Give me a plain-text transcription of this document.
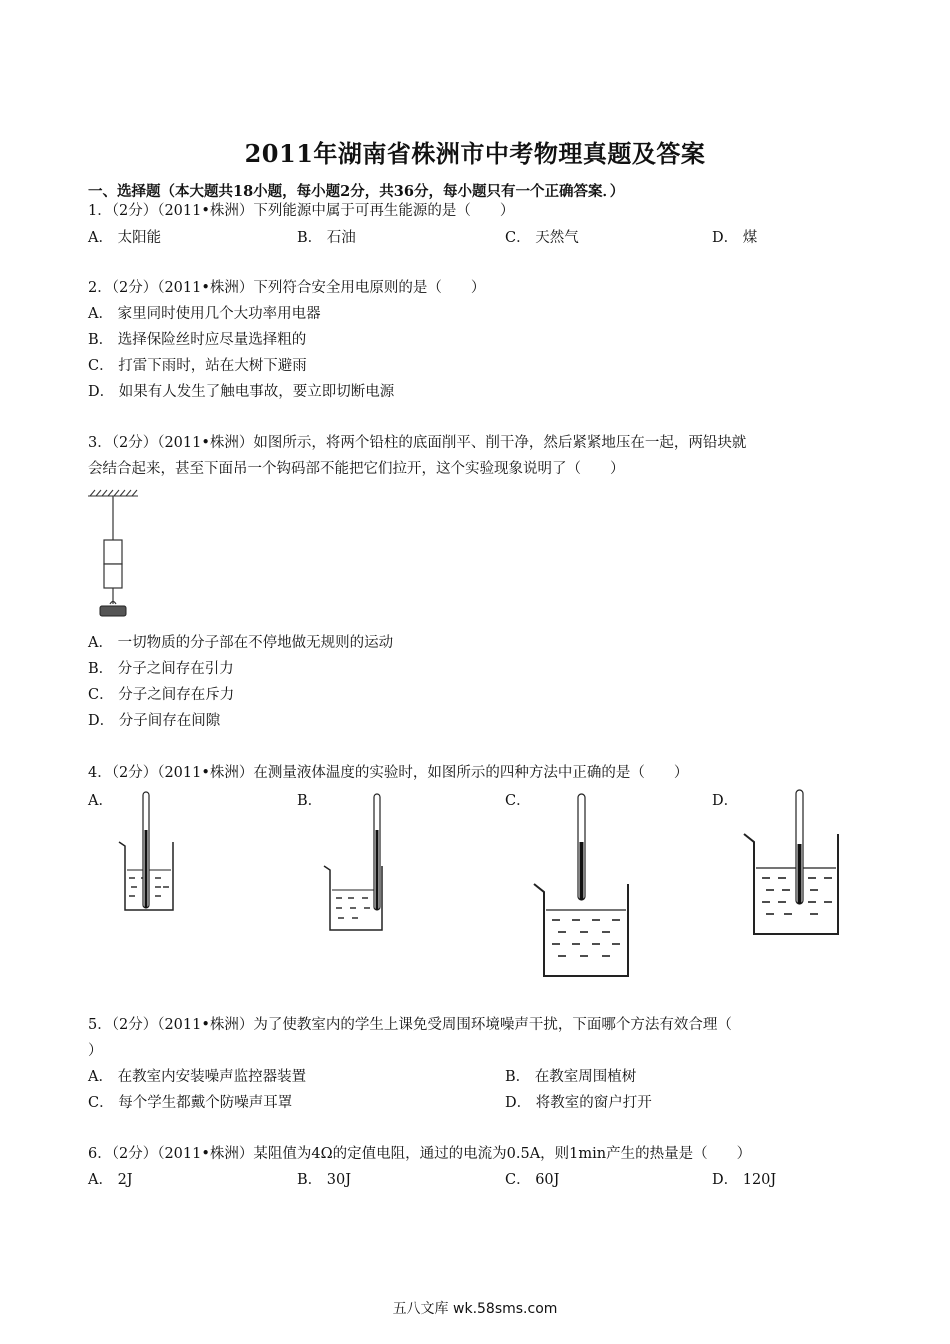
2011年湖南省株洲市中考物理真题及答案
一、选择题（本大题共18小题，每小题2分，共36分，每小题只有一个正确答案．）
1．（2分）（2011•株洲）下列能源中属于可再生能源的是（　　）
A． 太阳能	B． 石油	C． 天然气	D． 煤
2．（2分）（2011•株洲）下列符合安全用电原则的是（　　）
A． 家里同时使用几个大功率用电器
B． 选择保险丝时应尽量选择粗的
C． 打雷下雨时，站在大树下避雨
D． 如果有人发生了触电事故，要立即切断电源
3．（2分）（2011•株洲）如图所示，将两个铅柱的底面削平、削干净，然后紧紧地压在一起，两铅块就
会结合起来，甚至下面吊一个钩码部不能把它们拉开，这个实验现象说明了（　　）
A． 一切物质的分子部在不停地做无规则的运动
B． 分子之间存在引力
C． 分子之间存在斥力
D． 分子间存在间隙
4．（2分）（2011•株洲）在测量液体温度的实验时，如图所示的四种方法中正确的是（　　）
A．	B．	C．	D．
5．（2分）（2011•株洲）为了使教室内的学生上课免受周围环境噪声干扰，下面哪个方法有效合理（
）
A． 在教室内安装噪声监控器装置	B． 在教室周围植树
C． 每个学生都戴个防噪声耳罩	D． 将教室的窗户打开
6．（2分）（2011•株洲）某阻值为4Ω的定值电阻，通过的电流为0.5A，则1min产生的热量是（　　）
A． 2J	B． 30J	C． 60J	D． 120J
五八文库 wk.58sms.com
